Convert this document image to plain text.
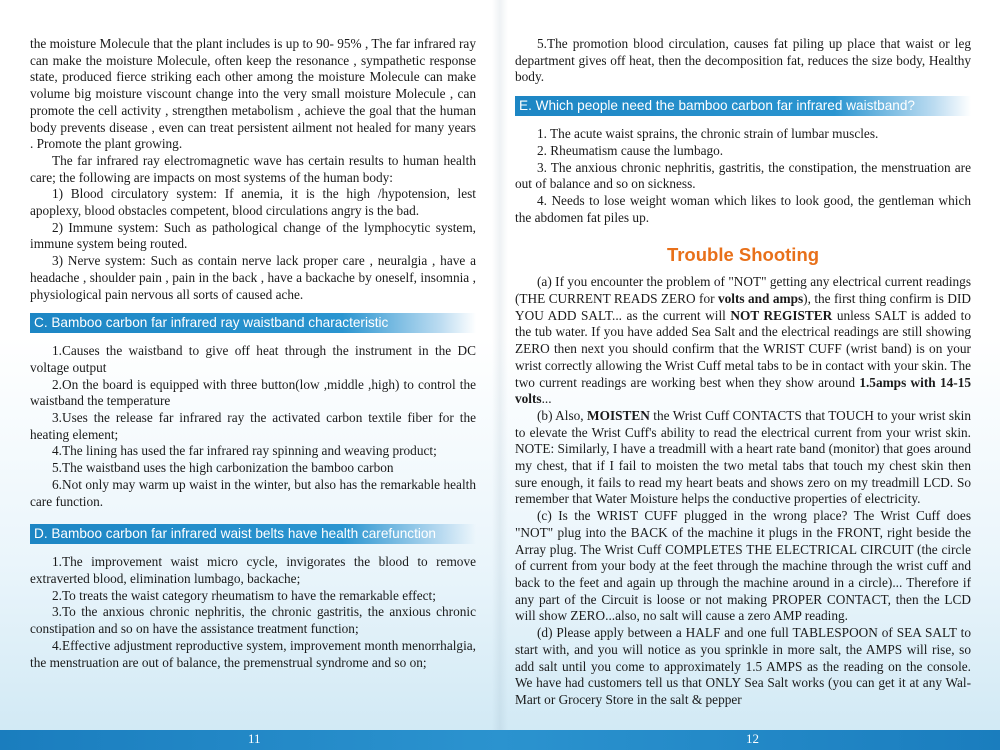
the moisture Molecule that the plant includes is up to 90- 95% , The far infrared ray can make the moisture Molecule, often keep the resonance , sympathetic response state, produced fierce striking each other among the moisture Molecule can make volume big moisture viscount change into the very small moisture Molecule , can promote the cell activity , strengthen metabolism , achieve the goal that the human body prevents disease , even can treat persistent ailment not healed for many years . Promote the plant growing.

The far infrared ray electromagnetic wave has certain results to human health care; the following are impacts on most systems of the human body:

1) Blood circulatory system: If anemia, it is the high /hypotension, lest apoplexy, blood obstacles competent, blood circulations angry is the bad.

2) Immune system: Such as pathological change of the lymphocytic system, immune system being routed.

3) Nerve system: Such as contain nerve lack proper care , neuralgia , have a headache , shoulder pain , pain in the back , have a backache by oneself, insomnia , physiological pain nervous all sorts of caused ache.

C. Bamboo carbon far infrared ray waistband characteristic

1.Causes the waistband to give off heat through the instrument in the DC voltage output

2.On the board is equipped with three button(low ,middle ,high) to control the waistband the temperature

3.Uses the release far infrared ray the activated carbon textile fiber for the heating element;

4.The lining has used the far infrared ray spinning and weaving product;

5.The waistband uses the high carbonization the bamboo carbon

6.Not only may warm up waist in the winter, but also has the remarkable health care function.

D. Bamboo carbon far infrared waist belts have health carefunction

1.The improvement waist micro cycle, invigorates the blood to remove extraverted blood, elimination lumbago, backache;

2.To treats the waist category rheumatism to have the remarkable effect;

3.To the anxious chronic nephritis, the chronic gastritis, the anxious chronic constipation and so on have the assistance treatment function;

4.Effective adjustment reproductive system, improvement month menorrhalgia, the menstruation are out of balance, the premenstrual syndrome and so on;

5.The promotion blood circulation, causes fat piling up place that waist or leg department gives off heat, then the decomposition fat, reduces the size body, Healthy body.

E. Which people need the bamboo carbon far infrared waistband?

1. The acute waist sprains, the chronic strain of lumbar muscles.

2. Rheumatism cause the lumbago.

3. The anxious chronic nephritis, gastritis, the constipation, the menstruation are out of balance and so on sickness.

4. Needs to lose weight woman which likes to look good, the gentleman which the abdomen fat piles up.

Trouble Shooting

(a) If you encounter the problem of "NOT" getting any electrical current readings (THE CURRENT READS ZERO for volts and amps), the first thing confirm is DID YOU ADD SALT... as the current will NOT REGISTER unless SALT is added to the tub water. If you have added Sea Salt and the electrical readings are still showing ZERO then next you should confirm that the WRIST CUFF (wrist band) is on your wrist correctly allowing the Wrist Cuff metal tabs to be in contact with your skin. The two current readings are working best when they show around 1.5amps with 14-15 volts...

(b) Also, MOISTEN the Wrist Cuff CONTACTS that TOUCH to your wrist skin to elevate the Wrist Cuff's ability to read the electrical current from your wrist skin. NOTE: Similarly, I have a treadmill with a heart rate band (monitor) that goes around my chest, that if I fail to moisten the two metal tabs that touch my chest skin then sure enough, it fails to read my heart beats and shows zero on my treadmill LCD. So remember that Water Moisture helps the conductive properties of electricity.

(c) Is the WRIST CUFF plugged in the wrong place? The Wrist Cuff does "NOT" plug into the BACK of the machine it plugs in the FRONT, right beside the Array plug. The Wrist Cuff COMPLETES THE ELECTRICAL CIRCUIT (the circle of current from your body at the feet through the machine through the wrist cuff and back to the feet and again up through the machine around in a circle)... Therefore if any part of the Circuit is loose or not making PROPER CONTACT, then the LCD will show ZERO...also, no salt will cause a zero AMP reading.

(d) Please apply between a HALF and one full TABLESPOON of SEA SALT to start with, and you will notice as you sprinkle in more salt, the AMPS will rise, so add salt until you come to approximately 1.5 AMPS as the reading on the console. We have had customers tell us that ONLY Sea Salt works (you can get it at any Wal-Mart or Grocery Store in the salt & pepper

11	12
